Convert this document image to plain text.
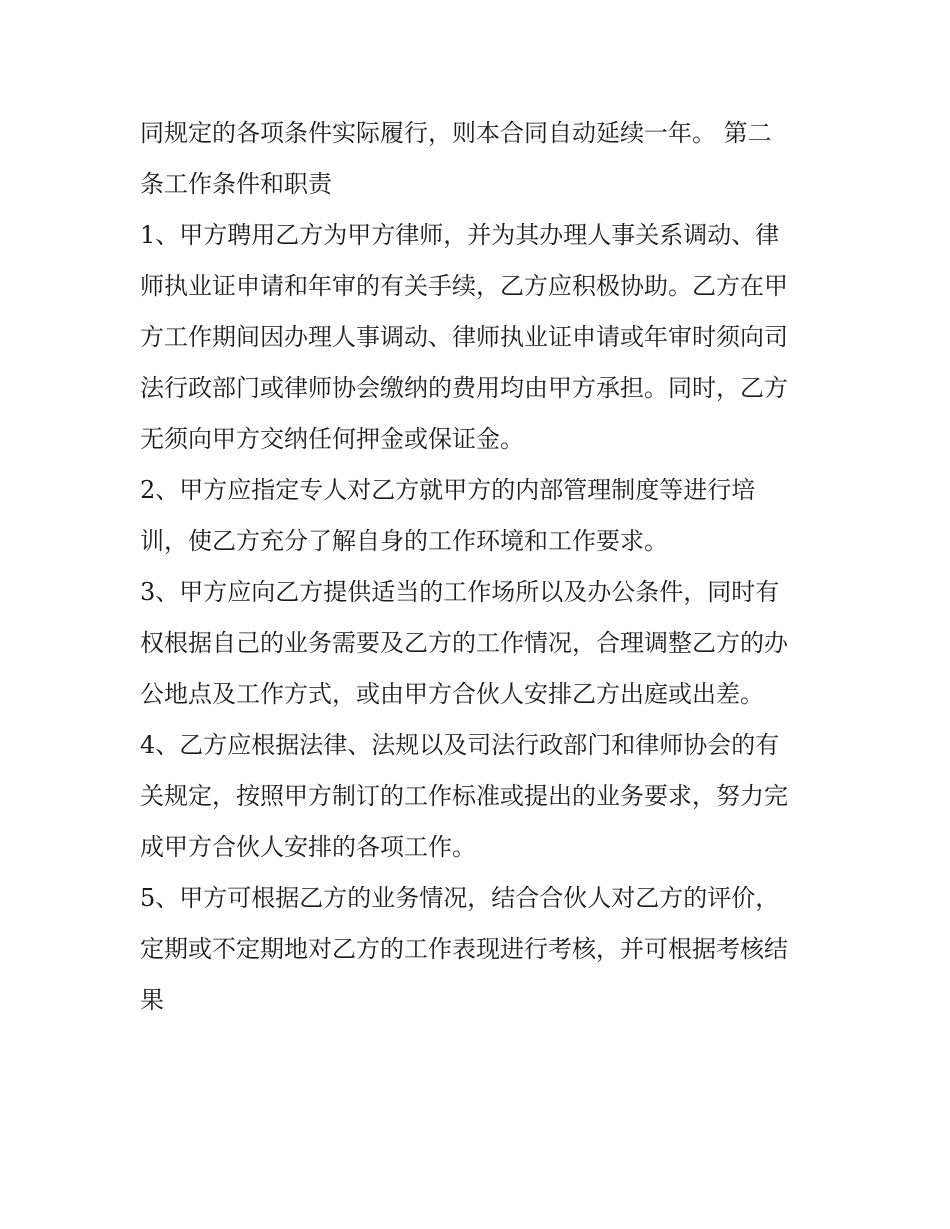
同规定的各项条件实际履行，则本合同自动延续一年。 第二
条工作条件和职责
1、甲方聘用乙方为甲方律师，并为其办理人事关系调动、律
师执业证申请和年审的有关手续，乙方应积极协助。乙方在甲
方工作期间因办理人事调动、律师执业证申请或年审时须向司
法行政部门或律师协会缴纳的费用均由甲方承担。同时，乙方
无须向甲方交纳任何押金或保证金。
2、甲方应指定专人对乙方就甲方的内部管理制度等进行培
训，使乙方充分了解自身的工作环境和工作要求。
3、甲方应向乙方提供适当的工作场所以及办公条件，同时有
权根据自己的业务需要及乙方的工作情况，合理调整乙方的办
公地点及工作方式，或由甲方合伙人安排乙方出庭或出差。
4、乙方应根据法律、法规以及司法行政部门和律师协会的有
关规定，按照甲方制订的工作标准或提出的业务要求，努力完
成甲方合伙人安排的各项工作。
5、甲方可根据乙方的业务情况，结合合伙人对乙方的评价，
定期或不定期地对乙方的工作表现进行考核，并可根据考核结
果
